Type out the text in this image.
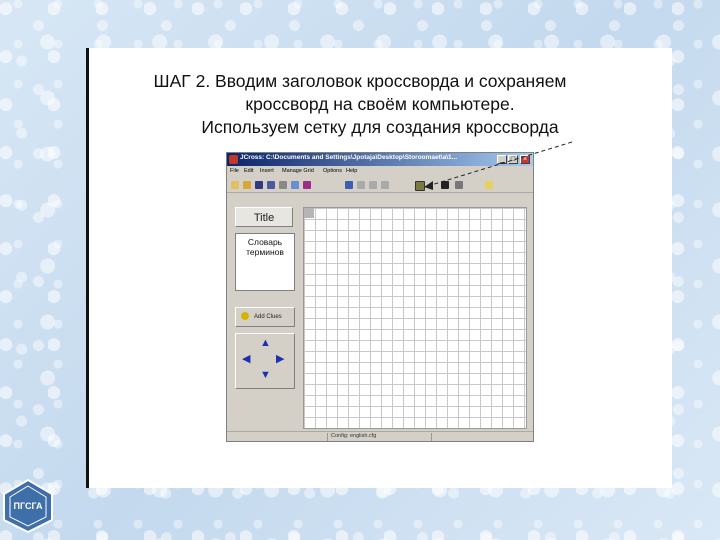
ШАГ 2. Вводим заголовок кроссворда и сохраняем
кроссворд на своём компьютере.
Используем сетку для создания кроссворда
JCross: C:\Documents and Settings\Jpotaja\Desktop\Storoomaet\a\1...	_ □	×
File Edit Insert Manage Grid Options Help
Title
Словарь
терминов
Add Clues
▲
◀ ▶
▼
Config: english.cfg
ПГСГА
